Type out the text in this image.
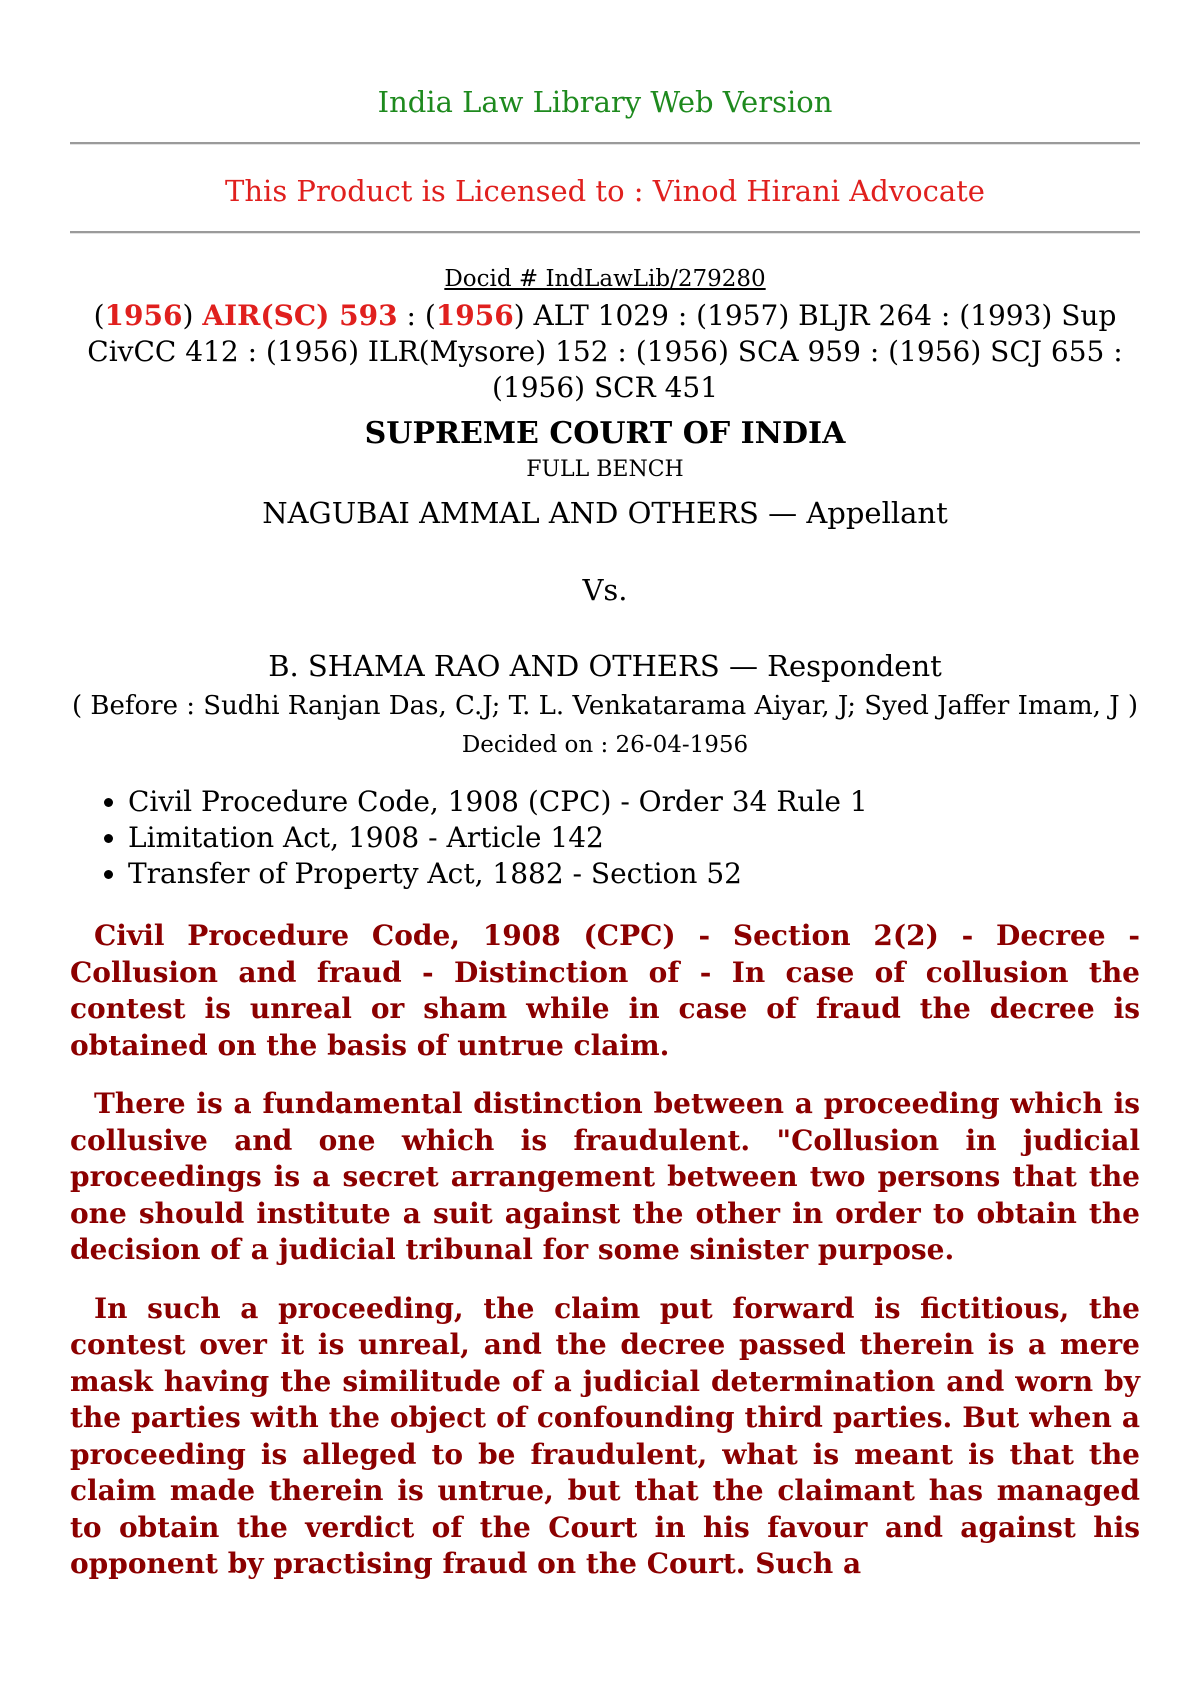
India Law Library Web Version
This Product is Licensed to : Vinod Hirani Advocate
Docid # IndLawLib/279280
(1956) AIR(SC) 593 : (1956) ALT 1029 : (1957) BLJR 264 : (1993) Sup CivCC 412 : (1956) ILR(Mysore) 152 : (1956) SCA 959 : (1956) SCJ 655 : (1956) SCR 451
SUPREME COURT OF INDIA
FULL BENCH
NAGUBAI AMMAL AND OTHERS — Appellant
Vs.
B. SHAMA RAO AND OTHERS — Respondent
( Before : Sudhi Ranjan Das, C.J; T. L. Venkatarama Aiyar, J; Syed Jaffer Imam, J )
Decided on : 26-04-1956
• Civil Procedure Code, 1908 (CPC) - Order 34 Rule 1
• Limitation Act, 1908 - Article 142
• Transfer of Property Act, 1882 - Section 52
Civil Procedure Code, 1908 (CPC) - Section 2(2) - Decree - Collusion and fraud - Distinction of - In case of collusion the contest is unreal or sham while in case of fraud the decree is obtained on the basis of untrue claim.
There is a fundamental distinction between a proceeding which is collusive and one which is fraudulent. "Collusion in judicial proceedings is a secret arrangement between two persons that the one should institute a suit against the other in order to obtain the decision of a judicial tribunal for some sinister purpose.
In such a proceeding, the claim put forward is fictitious, the contest over it is unreal, and the decree passed therein is a mere mask having the similitude of a judicial determination and worn by the parties with the object of confounding third parties. But when a proceeding is alleged to be fraudulent, what is meant is that the claim made therein is untrue, but that the claimant has managed to obtain the verdict of the Court in his favour and against his opponent by practising fraud on the Court. Such a
